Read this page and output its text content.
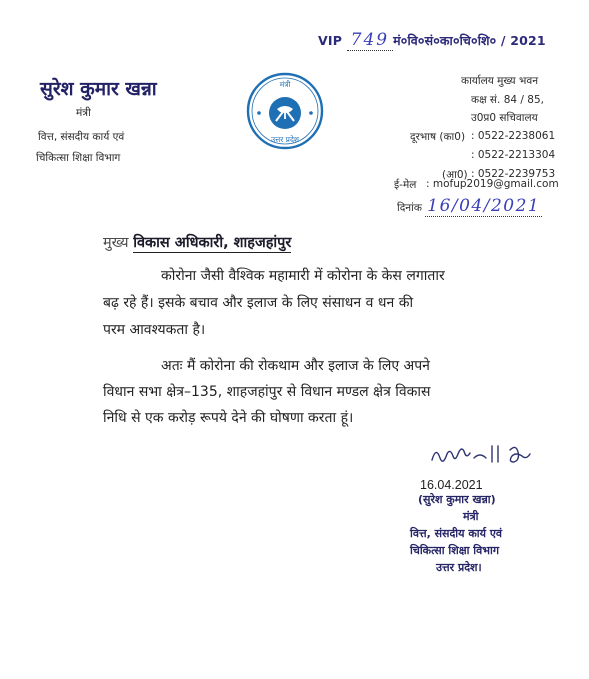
VIP 749 मं०वि०सं०का०चि०शि० / 2021
सुरेश कुमार खन्ना
मंत्री
वित्त, संसदीय कार्य एवं
चिकित्सा शिक्षा विभाग
मंत्री
उत्तर प्रदेश
कार्यालय मुख्य भवन
कक्ष सं. 84 / 85,
उ0प्र0 सचिवालय
दूरभाष (का0) : 0522-2238061
: 0522-2213304
(आ0) : 0522-2239753
ई-मेल : mofup2019@gmail.com
दिनांक 16/04/2021
मुख्य विकास अधिकारी, शाहजहांपुर
कोरोना जैसी वैश्विक महामारी में कोरोना के केस लगातार
बढ़ रहे हैं। इसके बचाव और इलाज के लिए संसाधन व धन की
परम आवश्यकता है।
अतः मैं कोरोना की रोकथाम और इलाज के लिए अपने
विधान सभा क्षेत्र–135, शाहजहांपुर से विधान मण्डल क्षेत्र विकास
निधि से एक करोड़ रूपये देने की घोषणा करता हूं।
16.04.2021
(सुरेश कुमार खन्ना)
मंत्री
वित्त, संसदीय कार्य एवं
चिकित्सा शिक्षा विभाग
उत्तर प्रदेश।
